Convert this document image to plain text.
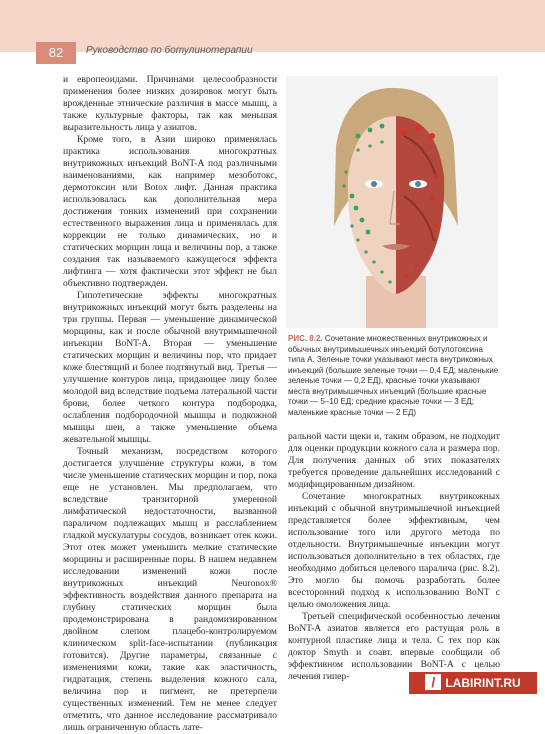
82	Руководство по ботулинотерапии

и европеоидами. Причинами целесообразности применения более низких дозировок могут быть врожденные этнические различия в массе мышц, а также культурные факторы, так как меньшая выразительность лица у азиатов.

Кроме того, в Азии широко применялась практика использования многократных внутрикожных инъекций BoNT-A под различными наименованиями, как например мезоботокс, дермотоксин или Botox лифт. Данная практика использовалась как дополнительная мера достижения тонких изменений при сохранении естественного выражения лица и применялась для коррекции не только динамических, но и статических морщин лица и величины пор, а также создания так называемого кажущегося эффекта лифтинга — хотя фактически этот эффект не был объективно подтвержден.

Гипотетические эффекты многократных внутрикожных инъекций могут быть разделены на три группы. Первая — уменьшение динамической морщины, как и после обычной внутримышечной инъекции BoNT-A. Вторая — уменьшение статических морщин и величины пор, что придает коже блестящий и более подтянутый вид. Третья — улучшение контуров лица, придающее лицу более молодой вид вследствие подъема латеральной части брови, более четкого контура подбородка, ослабления подбородочной мышцы и подкожной мышцы шеи, а также уменьшение объема жевательной мышцы.

Точный механизм, посредством которого достигается улучшение структуры кожи, в том числе уменьшение статических морщин и пор, пока еще не установлен. Мы предполагаем, что вследствие транзиторной умеренной лимфатической недостаточности, вызванной параличом подлежащих мышц и расслаблением гладкой мускулатуры сосудов, возникает отек кожи. Этот отек может уменьшить мелкие статические морщины и расширенные поры. В нашем недавнем исследовании изменений кожи после внутрикожных инъекций Neuronox® эффективность воздействия данного препарата на глубину статических морщин была продемонстрирована в рандомизированном двойном слепом плацебо-контролируемом клиническом split-face-испытании (публикация готовится). Другие параметры, связанные с изменениями кожи, такие как эластичность, гидратация, степень выделения кожного сала, величина пор и пигмент, не претерпели существенных изменений. Тем не менее следует отметить, что данное исследование рассматривало лишь ограниченную область лате-

РИС. 8.2. Сочетание множественных внутрикожных и обычных внутримышечных инъекций ботулотоксина типа А. Зеленые точки указывают места внутрикожных инъекций (большие зеленые точки — 0,4 ЕД; маленькие зеленые точки — 0,2 ЕД), красные точки указывают места внутримышечных инъекций (большие красные точки — 5–10 ЕД; средние красные точки — 3 ЕД; маленькие красные точки — 2 ЕД)

ральной части щеки и, таким образом, не подходит для оценки продукции кожного сала и размера пор. Для получения данных об этих показателях требуется проведение дальнейших исследований с модифицированным дизайном.

Сочетание многократных внутрикожных инъекций с обычной внутримышечной инъекцией представляется более эффективным, чем использование того или другого метода по отдельности. Внутримышечные инъекции могут использоваться дополнительно в тех областях, где необходимо добиться целевого паралича (рис. 8.2). Это могло бы помочь разработать более всесторонний подход к использованию BoNT с целью омоложения лица.

Третьей специфической особенностью лечения BoNT-A азиатов является его растущая роль в контурной пластике лица и тела. С тех пор как доктор Smyth и соавт. впервые сообщили об эффективном использовании BoNT-A с целью лечения гипер-	/ LABIRINT.RU
